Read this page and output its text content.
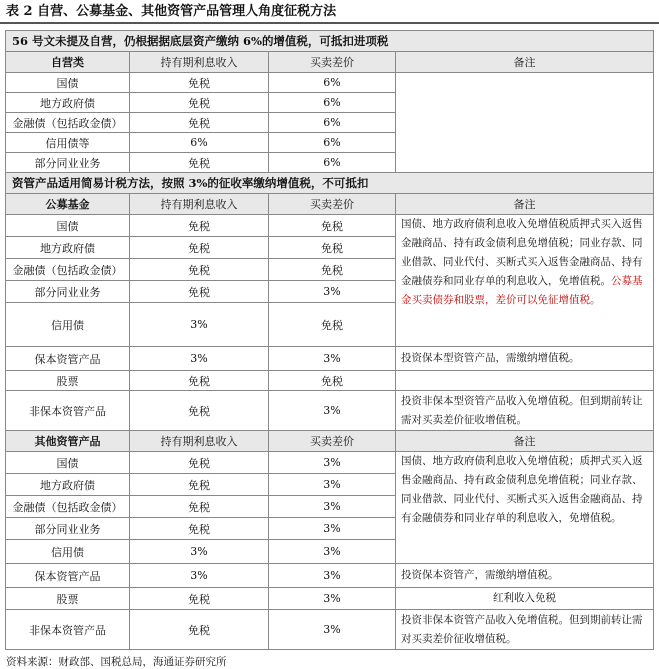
表 2 自营、公募基金、其他资管产品管理人角度征税方法
56 号文未提及自营，仍根据据底层资产缴纳 6%的增值税，可抵扣进项税			
自营类	持有期利息收入	买卖差价	备注
国债	免税	6%	
地方政府债	免税	6%	
金融债（包括政金债）	免税	6%	
信用债等	6%	6%	
部分同业业务	免税	6%	
资管产品适用简易计税方法，按照 3%的征收率缴纳增值税，不可抵扣			
公募基金	持有期利息收入	买卖差价	备注
国债	免税	免税	国债、地方政府债利息收入免增值税质押式买入返售金融商品、持有政金债利息免增值税；同业存款、同业借款、同业代付、买断式买入返售金融商品、持有金融债券和同业存单的利息收入，免增值税。公募基金买卖债券和股票，差价可以免征增值税。
地方政府债	免税	免税	
金融债（包括政金债）	免税	免税	
部分同业业务	免税	3%	
信用债	3%	免税	
保本资管产品	3%	3%	投资保本型资管产品，需缴纳增值税。
股票	免税	免税	
非保本资管产品	免税	3%	投资非保本型资管产品收入免增值税。但到期前转让需对买卖差价征收增值税。
其他资管产品	持有期利息收入	买卖差价	备注
国债	免税	3%	国债、地方政府债利息收入免增值税；质押式买入返售金融商品、持有政金债利息免增值税；同业存款、同业借款、同业代付、买断式买入返售金融商品、持有金融债券和同业存单的利息收入，免增值税。
地方政府债	免税	3%	
金融债（包括政金债）	免税	3%	
部分同业业务	免税	3%	
信用债	3%	3%	
保本资管产品	3%	3%	投资保本资管产，需缴纳增值税。
股票	免税	3%	红利收入免税
非保本资管产品	免税	3%	投资非保本资管产品收入免增值税。但到期前转让需对买卖差价征收增值税。
资料来源：财政部、国税总局，海通证券研究所
